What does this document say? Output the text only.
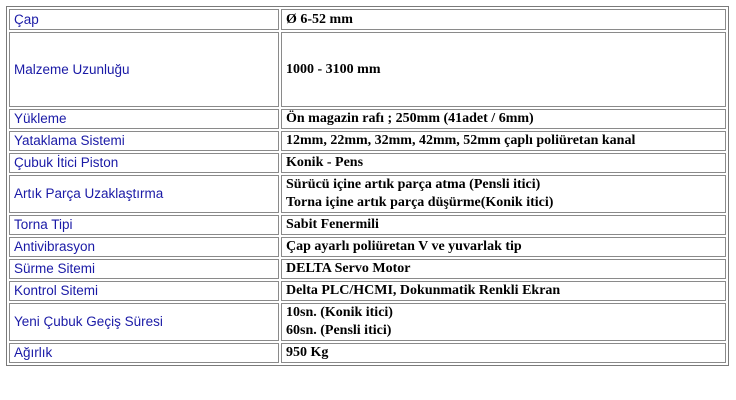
Çap	Ø 6-52 mm

Malzeme Uzunluğu	1000 - 3100 mm

Yükleme	Ön magazin rafı ; 250mm (41adet / 6mm)

Yataklama Sistemi	12mm, 22mm, 32mm, 42mm, 52mm çaplı poliüretan kanal

Çubuk İtici Piston	Konik - Pens

Artık Parça Uzaklaştırma	Sürücü içine artık parça atma (Pensli itici)
Torna içine artık parça düşürme(Konik itici)

Torna Tipi	Sabit Fenermili

Antivibrasyon	Çap ayarlı poliüretan V ve yuvarlak tip

Sürme Sitemi	DELTA Servo Motor

Kontrol Sitemi	Delta PLC/HCMI, Dokunmatik Renkli Ekran

Yeni Çubuk Geçiş Süresi	10sn. (Konik itici)
60sn. (Pensli itici)

Ağırlık	950 Kg
